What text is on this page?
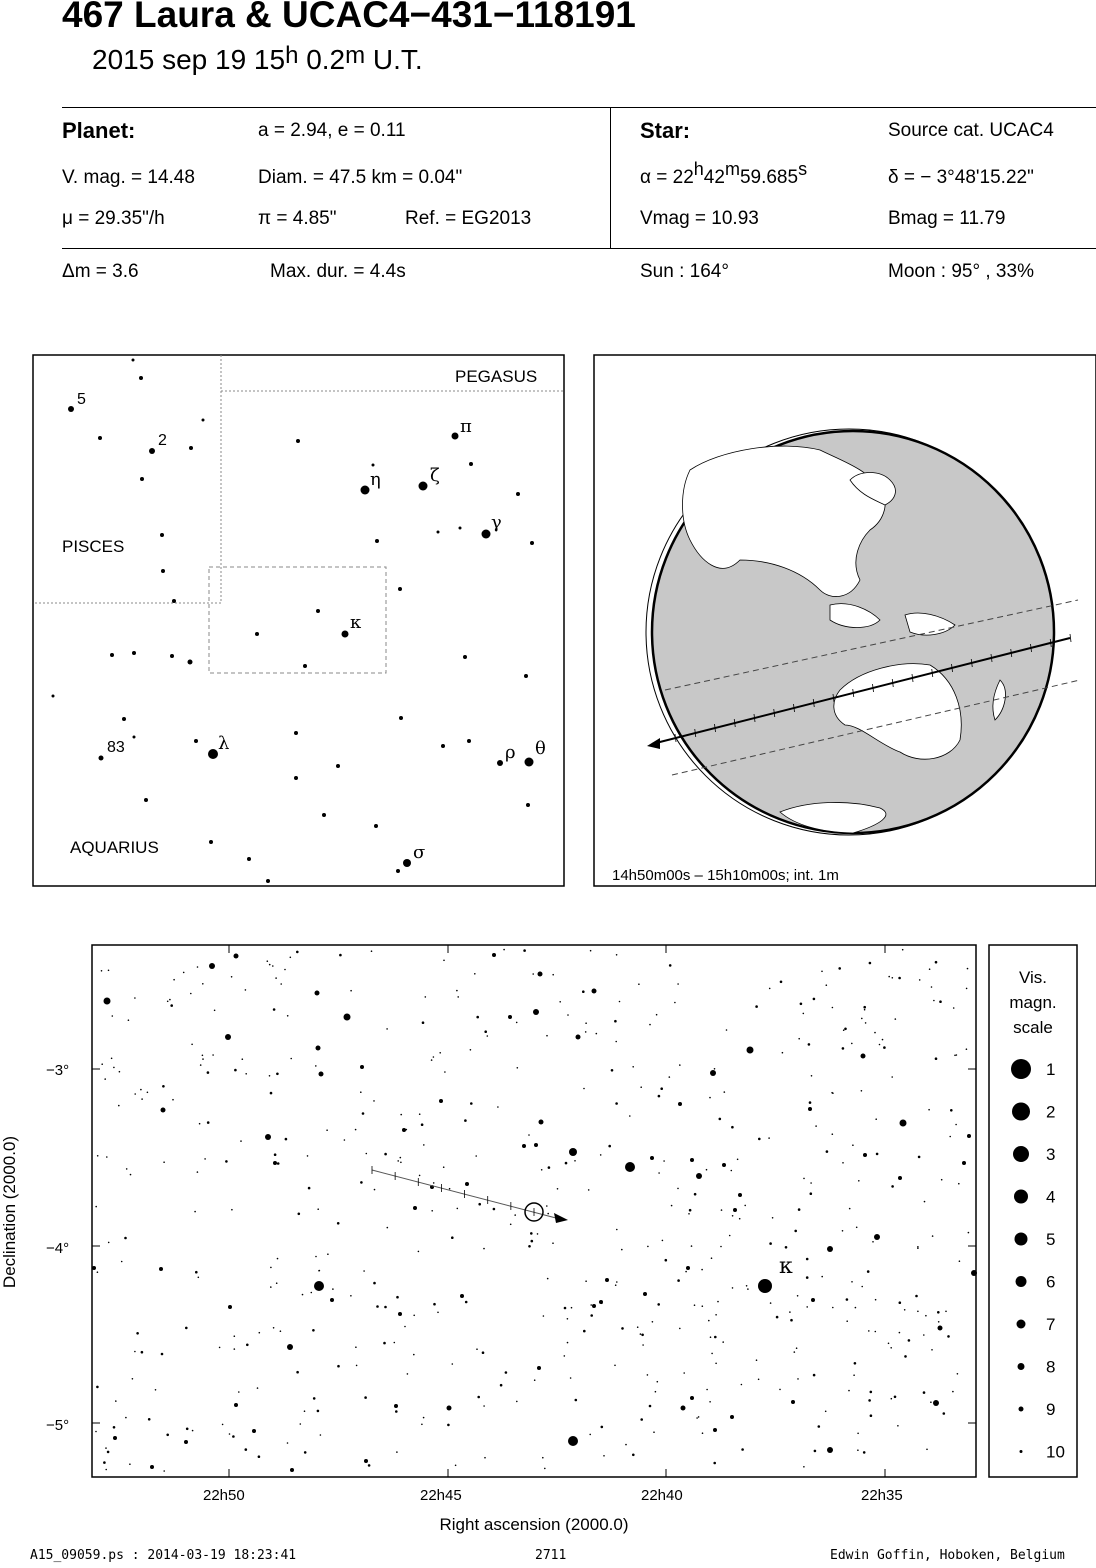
467 Laura & UCAC4−431−118191
2015 sep 19 15$^h$ 0.2$^m$ U.T.
Planet:	a = 2.94, e = 0.11
V. mag. = 14.48	Diam. = 47.5 km = 0.04"
μ = 29.35"/h	π = 4.85"	Ref. = EG2013
Δm = 3.6	Max. dur. = 4.4s
Star:	Source cat. UCAC4
$\alpha = 22^h42^m59.685^s$	δ = − 3°48'15.22"
Vmag = 10.93	Bmag = 11.79
Sun : 164°	Moon : 95° , 33%
PEGASUS
PISCES
AQUARIUS
5
2
83
π
η	ζ
γ
κ
λ	ρ θ
σ
14h50m00s – 15h10m00s; int. 1m
−3°
−4°
−5°
22h50	22h45	22h40	22h35
Right ascension (2000.0)
Declination (2000.0)	κ
Vis.
magn.
scale
1
2
3
4
5
6
7
8
9
10
A15_09059.ps : 2014-03-19 18:23:41	2711	Edwin Goffin, Hoboken, Belgium
